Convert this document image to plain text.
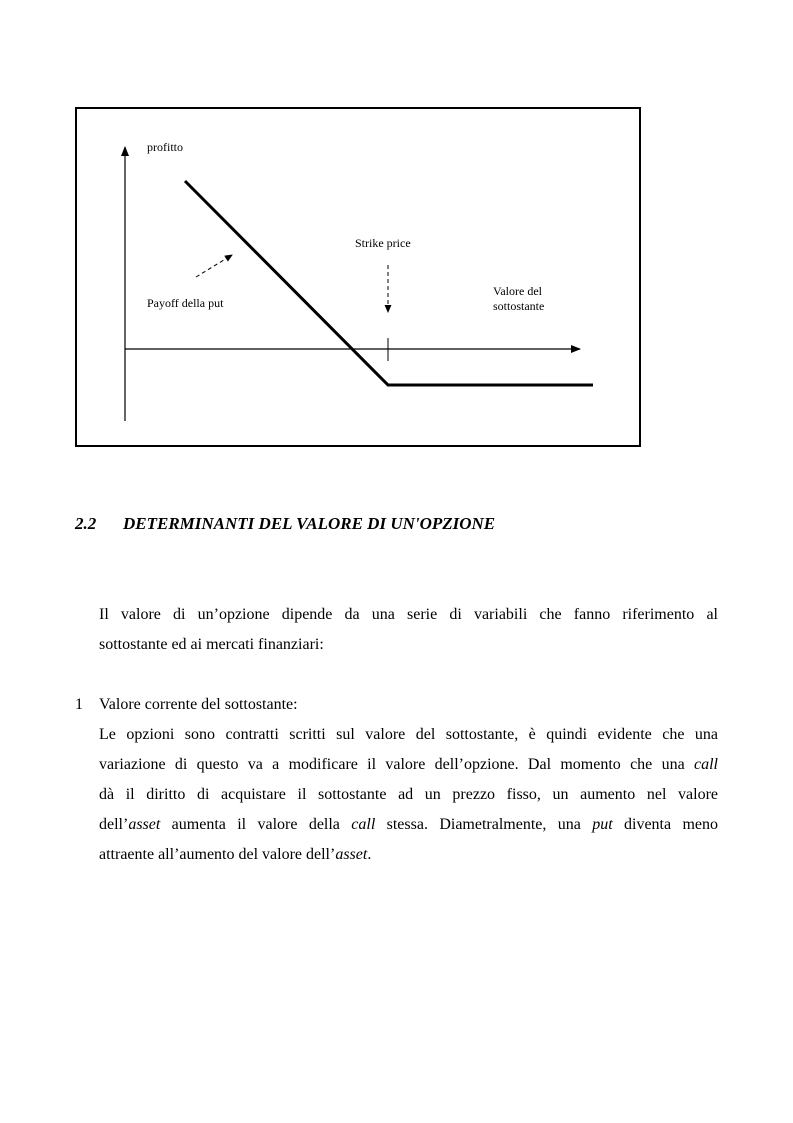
profitto
Strike price
Payoff della put
Valore del
sottostante
2.2 DETERMINANTI DEL VALORE DI UN'OPZIONE
Il valore di un’opzione dipende da una serie di variabili che fanno riferimento al
sottostante ed ai mercati finanziari:
1 Valore corrente del sottostante:
Le opzioni sono contratti scritti sul valore del sottostante, è quindi evidente che una
variazione di questo va a modificare il valore dell’opzione. Dal momento che una call
dà il diritto di acquistare il sottostante ad un prezzo fisso, un aumento nel valore
dell’asset aumenta il valore della call stessa. Diametralmente, una put diventa meno
attraente all’aumento del valore dell’asset.
